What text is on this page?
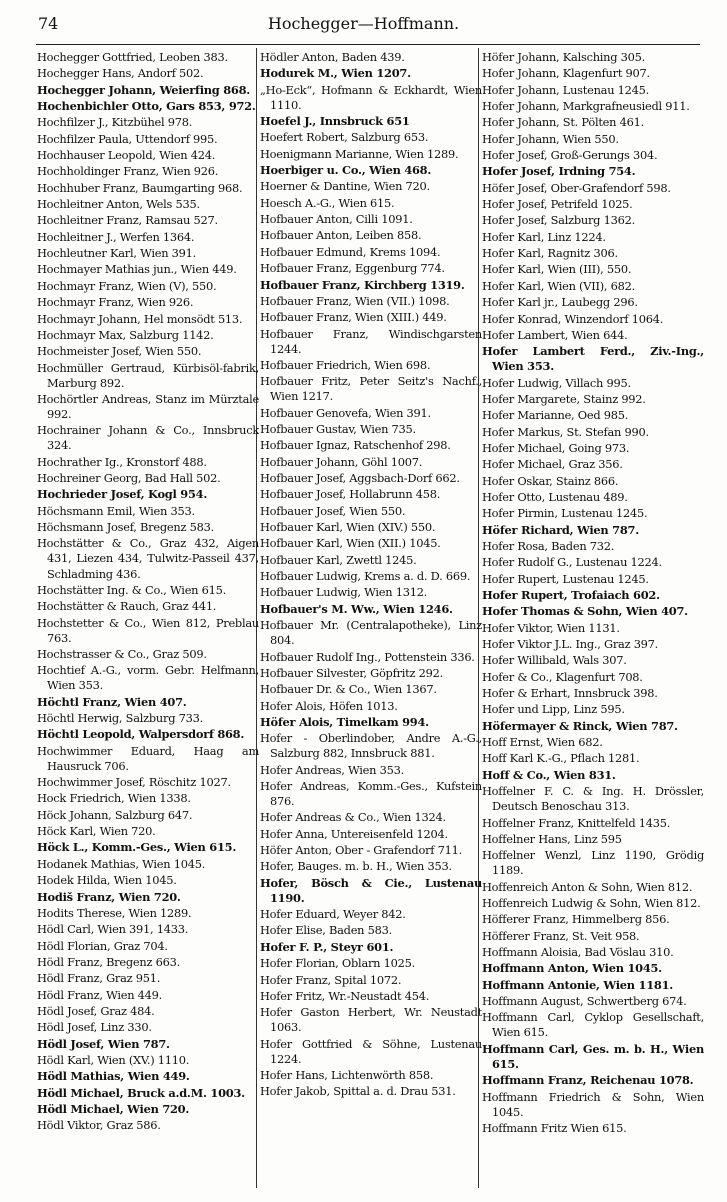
74	Hochegger—Hoffmann.

Hochegger Gottfried, Leoben 383.

Hochegger Hans, Andorf 502.

Hochegger Johann, Weierfing 868.

Hochenbichler Otto, Gars 853, 972.

Hochfilzer J., Kitzbühel 978.

Hochfilzer Paula, Uttendorf 995.

Hochhauser Leopold, Wien 424.

Hochholdinger Franz, Wien 926.

Hochhuber Franz, Baumgarting 968.

Hochleitner Anton, Wels 535.

Hochleitner Franz, Ramsau 527.

Hochleitner J., Werfen 1364.

Hochleutner Karl, Wien 391.

Hochmayer Mathias jun., Wien 449.

Hochmayr Franz, Wien (V), 550.

Hochmayr Franz, Wien 926.

Hochmayr Johann, Hel monsödt 513.

Hochmayr Max, Salzburg 1142.

Hochmeister Josef, Wien 550.

Hochmüller Gertraud, Kürbisöl-fabrik, Marburg 892.

Hochörtler Andreas, Stanz im Mürztale 992.

Hochrainer Johann & Co., Innsbruck 324.

Hochrather Ig., Kronstorf 488.

Hochreiner Georg, Bad Hall 502.

Hochrieder Josef, Kogl 954.

Höchsmann Emil, Wien 353.

Höchsmann Josef, Bregenz 583.

Hochstätter & Co., Graz 432, Aigen 431, Liezen 434, Tulwitz-Passeil 437, Schladming 436.

Hochstätter Ing. & Co., Wien 615.

Hochstätter & Rauch, Graz 441.

Hochstetter & Co., Wien 812, Preblau 763.

Hochstrasser & Co., Graz 509.

Hochtief A.-G., vorm. Gebr. Helfmann, Wien 353.

Höchtl Franz, Wien 407.

Höchtl Herwig, Salzburg 733.

Höchtl Leopold, Walpersdorf 868.

Hochwimmer Eduard, Haag am Hausruck 706.

Hochwimmer Josef, Röschitz 1027.

Hock Friedrich, Wien 1338.

Höck Johann, Salzburg 647.

Höck Karl, Wien 720.

Höck L., Komm.-Ges., Wien 615.

Hodanek Mathias, Wien 1045.

Hodek Hilda, Wien 1045.

Hodiš Franz, Wien 720.

Hodits Therese, Wien 1289.

Hödl Carl, Wien 391, 1433.

Hödl Florian, Graz 704.

Hödl Franz, Bregenz 663.

Hödl Franz, Graz 951.

Hödl Franz, Wien 449.

Hödl Josef, Graz 484.

Hödl Josef, Linz 330.

Hödl Josef, Wien 787.

Hödl Karl, Wien (XV.) 1110.

Hödl Mathias, Wien 449.

Hödl Michael, Bruck a.d.M. 1003.

Hödl Michael, Wien 720.

Hödl Viktor, Graz 586.

Hödler Anton, Baden 439.

Hodurek M., Wien 1207.

„Ho-Eck“, Hofmann & Eckhardt, Wien 1110.

Hoefel J., Innsbruck 651

Hoefert Robert, Salzburg 653.

Hoenigmann Marianne, Wien 1289.

Hoerbiger u. Co., Wien 468.

Hoerner & Dantine, Wien 720.

Hoesch A.-G., Wien 615.

Hofbauer Anton, Cilli 1091.

Hofbauer Anton, Leiben 858.

Hofbauer Edmund, Krems 1094.

Hofbauer Franz, Eggenburg 774.

Hofbauer Franz, Kirchberg 1319.

Hofbauer Franz, Wien (VII.) 1098.

Hofbauer Franz, Wien (XIII.) 449.

Hofbauer Franz, Windischgarsten 1244.

Hofbauer Friedrich, Wien 698.

Hofbauer Fritz, Peter Seitz's Nachf., Wien 1217.

Hofbauer Genovefa, Wien 391.

Hofbauer Gustav, Wien 735.

Hofbauer Ignaz, Ratschenhof 298.

Hofbauer Johann, Göhl 1007.

Hofbauer Josef, Aggsbach-Dorf 662.

Hofbauer Josef, Hollabrunn 458.

Hofbauer Josef, Wien 550.

Hofbauer Karl, Wien (XIV.) 550.

Hofbauer Karl, Wien (XII.) 1045.

Hofbauer Karl, Zwettl 1245.

Hofbauer Ludwig, Krems a. d. D. 669.

Hofbauer Ludwig, Wien 1312.

Hofbauer's M. Ww., Wien 1246.

Hofbauer Mr. (Centralapotheke), Linz 804.

Hofbauer Rudolf Ing., Pottenstein 336.

Hofbauer Silvester, Göpfritz 292.

Hofbauer Dr. & Co., Wien 1367.

Hofer Alois, Höfen 1013.

Höfer Alois, Timelkam 994.

Hofer - Oberlindober, Andre A.-G., Salzburg 882, Innsbruck 881.

Hofer Andreas, Wien 353.

Hofer Andreas, Komm.-Ges., Kufstein 876.

Hofer Andreas & Co., Wien 1324.

Hofer Anna, Untereisenfeld 1204.

Höfer Anton, Ober - Grafendorf 711.

Hofer, Bauges. m. b. H., Wien 353.

Hofer, Bösch & Cie., Lustenau 1190.

Hofer Eduard, Weyer 842.

Hofer Elise, Baden 583.

Hofer F. P., Steyr 601.

Hofer Florian, Oblarn 1025.

Hofer Franz, Spital 1072.

Hofer Fritz, Wr.-Neustadt 454.

Hofer Gaston Herbert, Wr. Neustadt 1063.

Hofer Gottfried & Söhne, Lustenau 1224.

Hofer Hans, Lichtenwörth 858.

Hofer Jakob, Spittal a. d. Drau 531.

Höfer Johann, Kalsching 305.

Hofer Johann, Klagenfurt 907.

Hofer Johann, Lustenau 1245.

Hofer Johann, Markgrafneusiedl 911.

Hofer Johann, St. Pölten 461.

Hofer Johann, Wien 550.

Hofer Josef, Groß-Gerungs 304.

Hofer Josef, Irdning 754.

Höfer Josef, Ober-Grafendorf 598.

Hofer Josef, Petrifeld 1025.

Hofer Josef, Salzburg 1362.

Hofer Karl, Linz 1224.

Hofer Karl, Ragnitz 306.

Hofer Karl, Wien (III), 550.

Hofer Karl, Wien (VII), 682.

Hofer Karl jr., Laubegg 296.

Hofer Konrad, Winzendorf 1064.

Hofer Lambert, Wien 644.

Hofer Lambert Ferd., Ziv.-Ing., Wien 353.

Hofer Ludwig, Villach 995.

Hofer Margarete, Stainz 992.

Hofer Marianne, Oed 985.

Hofer Markus, St. Stefan 990.

Hofer Michael, Going 973.

Hofer Michael, Graz 356.

Hofer Oskar, Stainz 866.

Hofer Otto, Lustenau 489.

Hofer Pirmin, Lustenau 1245.

Höfer Richard, Wien 787.

Hofer Rosa, Baden 732.

Hofer Rudolf G., Lustenau 1224.

Hofer Rupert, Lustenau 1245.

Hofer Rupert, Trofaiach 602.

Hofer Thomas & Sohn, Wien 407.

Hofer Viktor, Wien 1131.

Hofer Viktor J.L. Ing., Graz 397.

Hofer Willibald, Wals 307.

Hofer & Co., Klagenfurt 708.

Hofer & Erhart, Innsbruck 398.

Hofer und Lipp, Linz 595.

Höfermayer & Rinck, Wien 787.

Hoff Ernst, Wien 682.

Hoff Karl K.-G., Pflach 1281.

Hoff & Co., Wien 831.

Hoffelner F. C. & Ing. H. Drössler, Deutsch Benoschau 313.

Hoffelner Franz, Knittelfeld 1435.

Hoffelner Hans, Linz 595

Hoffelner Wenzl, Linz 1190, Grödig 1189.

Hoffenreich Anton & Sohn, Wien 812.

Hoffenreich Ludwig & Sohn, Wien 812.

Höfferer Franz, Himmelberg 856.

Höfferer Franz, St. Veit 958.

Hoffmann Aloisia, Bad Vöslau 310.

Hoffmann Anton, Wien 1045.

Hoffmann Antonie, Wien 1181.

Hoffmann August, Schwertberg 674.

Hoffmann Carl, Cyklop Gesellschaft, Wien 615.

Hoffmann Carl, Ges. m. b. H., Wien 615.

Hoffmann Franz, Reichenau 1078.

Hoffmann Friedrich & Sohn, Wien 1045.

Hoffmann Fritz Wien 615.
